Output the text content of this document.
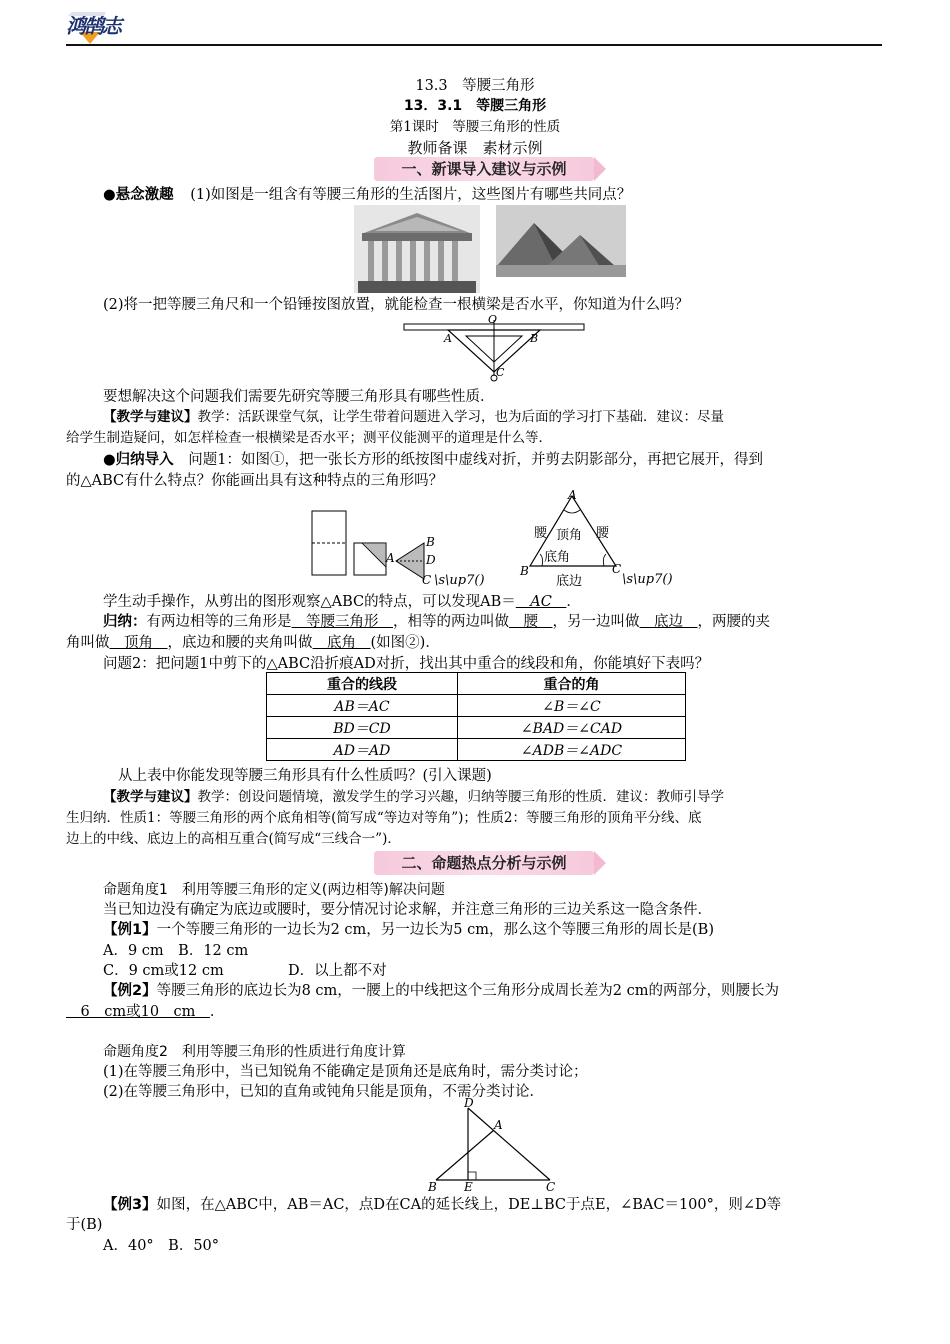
鸿鹄志
13.3　等腰三角形
13．3.1　等腰三角形
第1课时　等腰三角形的性质
教师备课　素材示例
一、新课导入建议与示例
●悬念激趣 (1)如图是一组含有等腰三角形的生活图片，这些图片有哪些共同点？
(2)将一把等腰三角尺和一个铅锤按图放置，就能检查一根横梁是否水平，你知道为什么吗？
O
A	B
C
要想解决这个问题我们需要先研究等腰三角形具有哪些性质．
【教学与建议】教学：活跃课堂气氛，让学生带着问题进入学习，也为后面的学习打下基础．建议：尽量
给学生制造疑问，如怎样检查一根横梁是否水平；测平仪能测平的道理是什么等．
●归纳导入 问题1：如图①，把一张长方形的纸按图中虚线对折，并剪去阴影部分，再把它展开，得到
的△ABC有什么特点？你能画出具有这种特点的三角形吗？
A
B
D
C \s\up7()
A
B	C
腰	腰
顶角
底角
底边	\s\up7()
学生动手操作，从剪出的图形观察△ABC的特点，可以发现AB＝　AC　．
归纳：有两边相等的三角形是　等腰三角形　，相等的两边叫做　腰　，另一边叫做　底边　，两腰的夹
角叫做　顶角　，底边和腰的夹角叫做　底角　(如图②)．
问题2：把问题1中剪下的△ABC沿折痕AD对折，找出其中重合的线段和角，你能填好下表吗？
重合的线段	重合的角
AB＝AC	∠B＝∠C
BD＝CD	∠BAD＝∠CAD
AD＝AD	∠ADB＝∠ADC
从上表中你能发现等腰三角形具有什么性质吗？(引入课题)
【教学与建议】教学：创设问题情境，激发学生的学习兴趣，归纳等腰三角形的性质．建议：教师引导学
生归纳．性质1：等腰三角形的两个底角相等(简写成“等边对等角”)；性质2：等腰三角形的顶角平分线、底
边上的中线、底边上的高相互重合(简写成“三线合一”)．
二、命题热点分析与示例
命题角度1　利用等腰三角形的定义(两边相等)解决问题
当已知边没有确定为底边或腰时，要分情况讨论求解，并注意三角形的三边关系这一隐含条件．
【例1】一个等腰三角形的一边长为2 cm，另一边长为5 cm，那么这个等腰三角形的周长是(B)
A．9 cm　B．12 cm
C．9 cm或12 cm	D．以上都不对
【例2】等腰三角形的底边长为8 cm，一腰上的中线把这个三角形分成周长差为2 cm的两部分，则腰长为
　6　cm或10　cm　．
命题角度2　利用等腰三角形的性质进行角度计算
(1)在等腰三角形中，当已知锐角不能确定是顶角还是底角时，需分类讨论；
(2)在等腰三角形中，已知的直角或钝角只能是顶角，不需分类讨论．
D
A
B E	C
【例3】如图，在△ABC中，AB＝AC，点D在CA的延长线上，DE⊥BC于点E，∠BAC＝100°，则∠D等
于(B)
A．40°　B．50°
